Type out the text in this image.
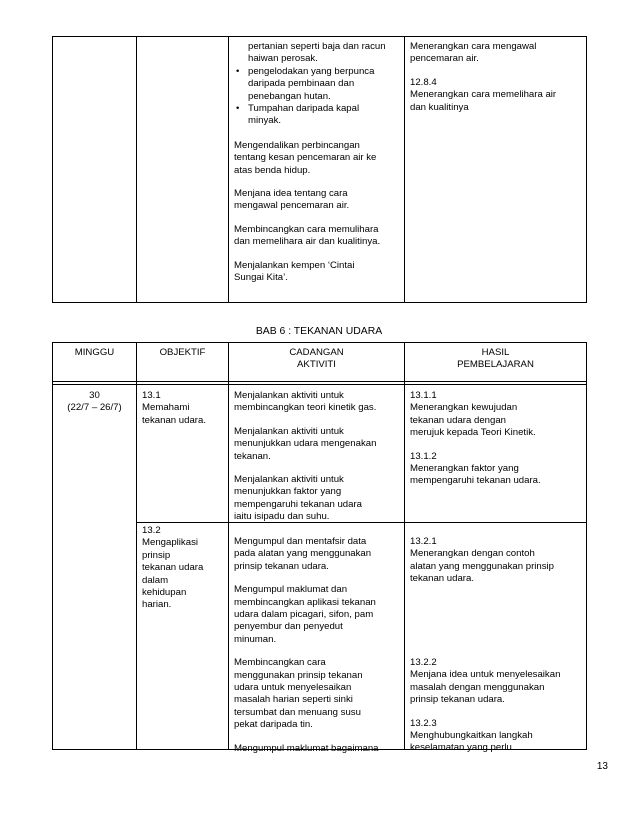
pertanian seperti baja dan racun
haiwan perosak.
• pengelodakan yang berpunca
daripada pembinaan dan
penebangan hutan.
• Tumpahan daripada kapal
minyak.
Mengendalikan perbincangan
tentang kesan pencemaran air ke
atas benda hidup.
Menjana idea tentang cara
mengawal pencemaran air.
Membincangkan cara memulihara
dan memelihara air dan kualitinya.
Menjalankan kempen ‘Cintai
Sungai Kita’.
Menerangkan cara mengawal
pencemaran air.
12.8.4
Menerangkan cara memelihara air
dan kualitinya
BAB 6 : TEKANAN UDARA
MINGGU	OBJEKTIF	CADANGAN
AKTIVITI
HASIL
PEMBELAJARAN
30
(22/7 – 26/7)
13.1
Memahami
tekanan udara.
Menjalankan aktiviti untuk
membincangkan teori kinetik gas.
Menjalankan aktiviti untuk
menunjukkan udara mengenakan
tekanan.
Menjalankan aktiviti untuk
menunjukkan faktor yang
mempengaruhi tekanan udara
iaitu isipadu dan suhu.
13.1.1
Menerangkan kewujudan
tekanan udara dengan
merujuk kepada Teori Kinetik.
13.1.2
Menerangkan faktor yang
mempengaruhi tekanan udara.
13.2
Mengaplikasi
prinsip
tekanan udara
dalam
kehidupan
harian.
Mengumpul dan mentafsir data
pada alatan yang menggunakan
prinsip tekanan udara.
Mengumpul maklumat dan
membincangkan aplikasi tekanan
udara dalam picagari, sifon, pam
penyembur dan penyedut
minuman.
Membincangkan cara
menggunakan prinsip tekanan
udara untuk menyelesaikan
masalah harian seperti sinki
tersumbat dan menuang susu
pekat daripada tin.
Mengumpul maklumat bagaimana
13.2.1
Menerangkan dengan contoh
alatan yang menggunakan prinsip
tekanan udara.
13.2.2
Menjana idea untuk menyelesaikan
masalah dengan menggunakan
prinsip tekanan udara.
13.2.3
Menghubungkaitkan langkah
keselamatan yang perlu
13
